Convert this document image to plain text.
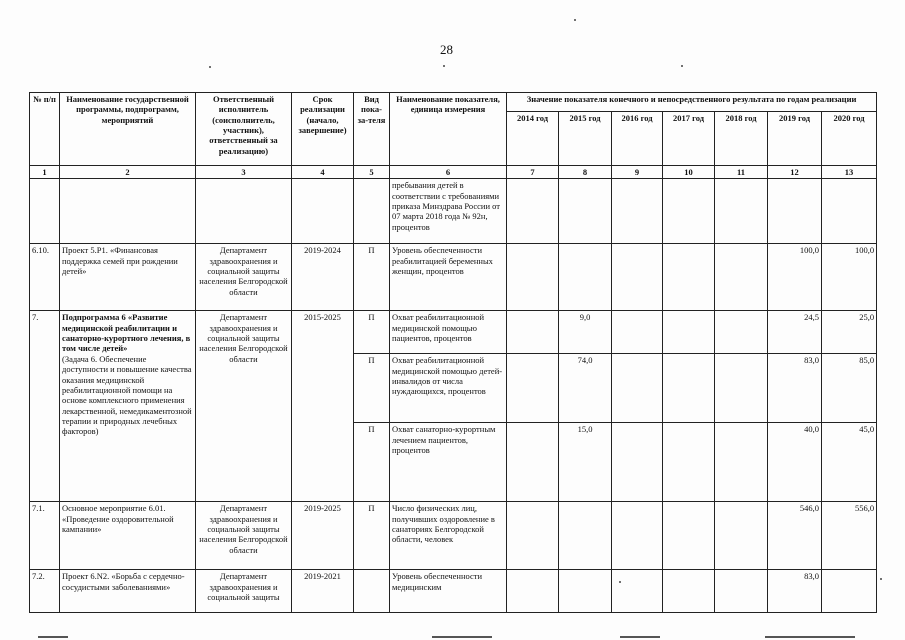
28
№ п/п	Наименование государственной программы, подпрограмм, мероприятий	Ответственный исполнитель (соисполнитель, участник), ответственный за реализацию)	Срок реализации (начало, завершение)	Вид пока-за-теля	Наименование показателя, единица измерения	Значение показателя конечного и непосредственного результата по годам реализации						
						2014 год	2015 год	2016 год	2017 год	2018 год	2019 год	2020 год
1	2	3	4	5	6	7	8	9	10	11	12	13
					пребывания детей в соответствии с требованиями приказа Минздрава России от 07 марта 2018 года № 92н, процентов							
6.10.	Проект 5.P1. «Финансовая поддержка семей при рождении детей»	Департамент здравоохранения и социальной защиты населения Белгородской области	2019-2024	П	Уровень обеспеченности реабилитацией беременных женщин, процентов						100,0	100,0
7.	Подпрограмма 6 «Развитие медицинской реабилитации и санаторно-курортного лечения, в том числе детей»
(Задача 6. Обеспечение доступности и повышение качества оказания медицинской реабилитационной помощи на основе комплексного применения лекарственной, немедикаментозной терапии и природных лечебных факторов)	Департамент здравоохранения и социальной защиты населения Белгородской области	2015-2025	П	Охват реабилитационной медицинской помощью пациентов, процентов		9,0				24,5	25,0
				П	Охват реабилитационной медицинской помощью детей-инвалидов от числа нуждающихся, процентов		74,0				83,0	85,0
				П	Охват санаторно-курортным лечением пациентов, процентов		15,0				40,0	45,0
7.1.	Основное мероприятие 6.01. «Проведение оздоровительной кампании»	Департамент здравоохранения и социальной защиты населения Белгородской области	2019-2025	П	Число физических лиц, получивших оздоровление в санаториях Белгородской области, человек						546,0	556,0
7.2.	Проект 6.N2. «Борьба с сердечно-сосудистыми заболеваниями»	Департамент здравоохранения и социальной защиты	2019-2021		Уровень обеспеченности медицинским						83,0	
